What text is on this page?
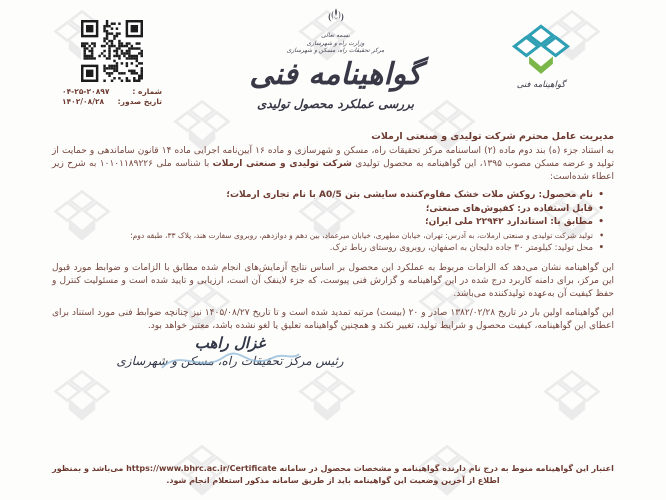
شماره :
۰۴-۲۵-۲۰۸۹۷
تاریخ صدور:
۱۴۰۲/۰۸/۲۸
بسمه تعالی
وزارت راه و شهرسازی
مرکز تحقیقات راه، مسکن و شهرسازی
گواهینامه فنی
بررسی عملکرد محصول تولیدی
گواهینامه فنی

مدیریت عامل محترم شرکت تولیدی و صنعتی ارملات

به استناد جزء (ه) بند دوم ماده (۲) اساسنامه مرکز تحقیقات راه، مسکن و شهرسازی و ماده ۱۶ آیین‌نامه اجرایی ماده ۱۴ قانون ساماندهی و حمایت از تولید و عرضه مسکن مصوب ۱۳۹۵، این گواهینامه به محصول تولیدی شرکت تولیدی و صنعتی ارملات با شناسه ملی ۱۰۱۰۱۱۸۹۲۲۶ به شرح زیر اعطاء شده‌است:

• نام محصول: روکش ملات خشک مقاوم‌کننده سایشی بتن A0/5 با نام تجاری ارملات؛
• قابل استفاده در: کفپوش‌های صنعتی؛
• مطابق با: استاندارد ۲۲۹۴۲ ملی ایران؛
• تولید شرکت تولیدی و صنعتی ارملات، به آدرس: تهران، خیابان مطهری، خیابان میرعماد، بین دهم و دوازدهم، روبروی سفارت هند، پلاک ۳۳، طبقه دوم؛
• محل تولید: کیلومتر ۳۰ جاده دلیجان به اصفهان، روبروی روستای رباط ترک.

این گواهینامه نشان می‌دهد که الزامات مربوط به عملکرد این محصول بر اساس نتایج آزمایش‌های انجام شده مطابق با الزامات و ضوابط مورد قبول این مرکز، برای دامنه کاربرد درج شده در این گواهینامه و گزارش فنی پیوست، که جزء لاینفک آن است، ارزیابی و تایید شده است و مسئولیت کنترل و حفظ کیفیت آن به‌عهده تولیدکننده می‌باشد.

این گواهینامه اولین بار در تاریخ ۱۳۸۲/۰۲/۲۸ صادر و ۲۰ (بیست) مرتبه تمدید شده است و تا تاریخ ۱۴۰۵/۰۸/۲۷ نیز چنانچه ضوابط فنی مورد استناد برای اعطای این گواهینامه، کیفیت محصول و شرایط تولید، تغییر نکند و همچنین گواهینامه تعلیق یا لغو نشده باشد، معتبر خواهد بود.

غزال راهب
رئیس مرکز تحقیقات راه، مسکن و شهرسازی
اعتبار این گواهینامه منوط به درج نام دارنده گواهینامه و مشخصات محصول در سامانه https://www.bhrc.ac.ir/Certificate می‌باشد و بمنظور اطلاع از آخرین وضعیت این گواهینامه باید از طریق سامانه مذکور استعلام انجام شود.
